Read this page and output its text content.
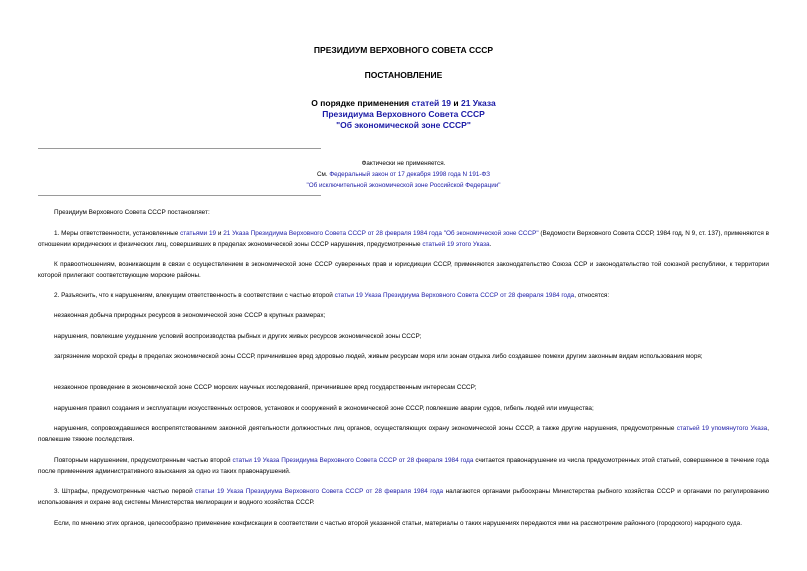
ПРЕЗИДИУМ ВЕРХОВНОГО СОВЕТА СССР
ПОСТАНОВЛЕНИЕ
О порядке применения статей 19 и 21 Указа
Президиума Верховного Совета СССР
"Об экономической зоне СССР"
Фактически не применяется.
См. Федеральный закон от 17 декабря 1998 года N 191-ФЗ
"Об исключительной экономической зоне Российской Федерации"
Президиум Верховного Совета СССР постановляет:
1. Меры ответственности, установленные статьями 19 и 21 Указа Президиума Верховного Совета СССР от 28 февраля 1984 года "Об экономической зоне СССР" (Ведомости Верховного Совета СССР, 1984 год, N 9, ст. 137), применяются в отношении юридических и физических лиц, совершивших в пределах экономической зоны СССР нарушения, предусмотренные статьей 19 этого Указа.
К правоотношениям, возникающим в связи с осуществлением в экономической зоне СССР суверенных прав и юрисдикции СССР, применяются законодательство Союза ССР и законодательство той союзной республики, к территории которой прилегают соответствующие морские районы.
2. Разъяснить, что к нарушениям, влекущим ответственность в соответствии с частью второй статьи 19 Указа Президиума Верховного Совета СССР от 28 февраля 1984 года, относятся:
незаконная добыча природных ресурсов в экономической зоне СССР в крупных размерах;
нарушения, повлекшие ухудшение условий воспроизводства рыбных и других живых ресурсов экономической зоны СССР;
загрязнение морской среды в пределах экономической зоны СССР, причинившее вред здоровью людей, живым ресурсам моря или зонам отдыха либо создавшее помехи другим законным видам использования моря;
незаконное проведение в экономической зоне СССР морских научных исследований, причинившее вред государственным интересам СССР;
нарушения правил создания и эксплуатации искусственных островов, установок и сооружений в экономической зоне СССР, повлекшие аварии судов, гибель людей или имущества;
нарушения, сопровождавшиеся воспрепятствованием законной деятельности должностных лиц органов, осуществляющих охрану экономической зоны СССР, а также другие нарушения, предусмотренные статьей 19 упомянутого Указа, повлекшие тяжкие последствия.
Повторным нарушением, предусмотренным частью второй статьи 19 Указа Президиума Верховного Совета СССР от 28 февраля 1984 года считается правонарушение из числа предусмотренных этой статьей, совершенное в течение года после применения административного взыскания за одно из таких правонарушений.
3. Штрафы, предусмотренные частью первой статьи 19 Указа Президиума Верховного Совета СССР от 28 февраля 1984 года налагаются органами рыбоохраны Министерства рыбного хозяйства СССР и органами по регулированию использования и охране вод системы Министерства мелиорации и водного хозяйства СССР.
Если, по мнению этих органов, целесообразно применение конфискации в соответствии с частью второй указанной статьи, материалы о таких нарушениях передаются ими на рассмотрение районного (городского) народного суда.
